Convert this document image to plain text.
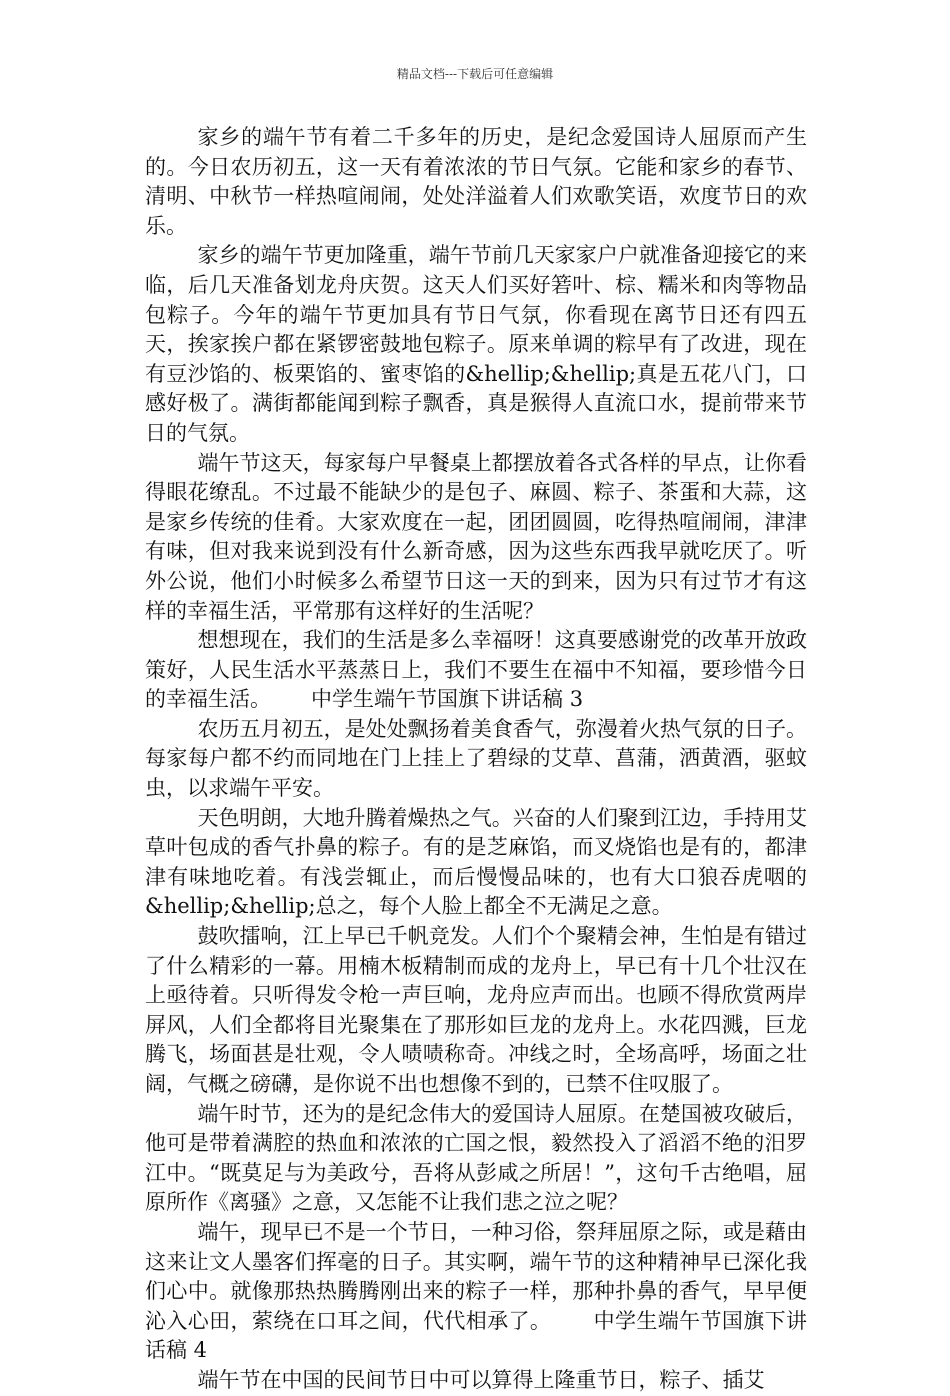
精品文档---下载后可任意编辑

家乡的端午节有着二千多年的历史，是纪念爱国诗人屈原而产生的。今日农历初五，这一天有着浓浓的节日气氛。它能和家乡的春节、清明、中秋节一样热喧闹闹，处处洋溢着人们欢歌笑语，欢度节日的欢乐。

家乡的端午节更加隆重，端午节前几天家家户户就准备迎接它的来临，后几天准备划龙舟庆贺。这天人们买好箬叶、棕、糯米和肉等物品包粽子。今年的端午节更加具有节日气氛，你看现在离节日还有四五天，挨家挨户都在紧锣密鼓地包粽子。原来单调的粽早有了改进，现在有豆沙馅的、板栗馅的、蜜枣馅的&hellip;&hellip;真是五花八门，口感好极了。满街都能闻到粽子飘香，真是猴得人直流口水，提前带来节日的气氛。

端午节这天，每家每户早餐桌上都摆放着各式各样的早点，让你看得眼花缭乱。不过最不能缺少的是包子、麻圆、粽子、茶蛋和大蒜，这是家乡传统的佳肴。大家欢度在一起，团团圆圆，吃得热喧闹闹，津津有味，但对我来说到没有什么新奇感，因为这些东西我早就吃厌了。听外公说，他们小时候多么希望节日这一天的到来，因为只有过节才有这样的幸福生活，平常那有这样好的生活呢？

想想现在，我们的生活是多么幸福呀！这真要感谢党的改革开放政策好，人民生活水平蒸蒸日上，我们不要生在福中不知福，要珍惜今日的幸福生活。      中学生端午节国旗下讲话稿 3

农历五月初五，是处处飘扬着美食香气，弥漫着火热气氛的日子。每家每户都不约而同地在门上挂上了碧绿的艾草、菖蒲，洒黄酒，驱蚊虫，以求端午平安。

天色明朗，大地升腾着燥热之气。兴奋的人们聚到江边，手持用艾草叶包成的香气扑鼻的粽子。有的是芝麻馅，而叉烧馅也是有的，都津津有味地吃着。有浅尝辄止，而后慢慢品味的，也有大口狼吞虎咽的&hellip;&hellip;总之，每个人脸上都全不无满足之意。

鼓吹擂响，江上早已千帆竞发。人们个个聚精会神，生怕是有错过了什么精彩的一幕。用楠木板精制而成的龙舟上，早已有十几个壮汉在上亟待着。只听得发令枪一声巨响，龙舟应声而出。也顾不得欣赏两岸屏风，人们全都将目光聚集在了那形如巨龙的龙舟上。水花四溅，巨龙腾飞，场面甚是壮观，令人啧啧称奇。冲线之时，全场高呼，场面之壮阔，气概之磅礴，是你说不出也想像不到的，已禁不住叹服了。

端午时节，还为的是纪念伟大的爱国诗人屈原。在楚国被攻破后，他可是带着满腔的热血和浓浓的亡国之恨，毅然投入了滔滔不绝的汨罗江中。“既莫足与为美政兮，吾将从彭咸之所居！”，这句千古绝唱，屈原所作《离骚》之意，又怎能不让我们悲之泣之呢？

端午，现早已不是一个节日，一种习俗，祭拜屈原之际，或是藉由这来让文人墨客们挥毫的日子。其实啊，端午节的这种精神早已深化我们心中。就像那热热腾腾刚出来的粽子一样，那种扑鼻的香气，早早便沁入心田，萦绕在口耳之间，代代相承了。      中学生端午节国旗下讲话稿 4

端午节在中国的民间节日中可以算得上隆重节日，粽子、插艾
